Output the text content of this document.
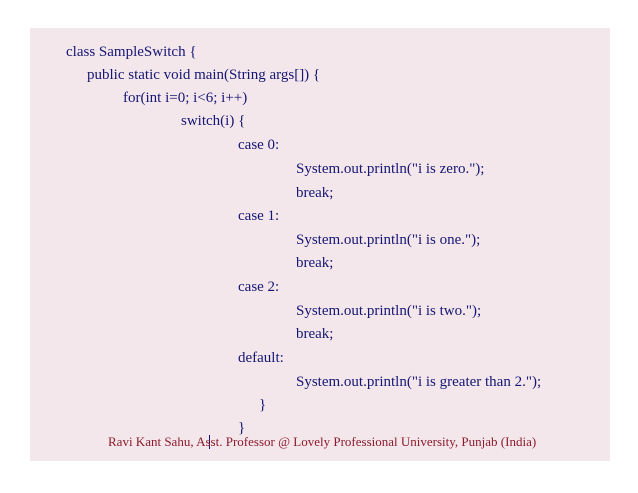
class SampleSwitch {
public static void main(String args[]) {
for(int i=0; i<6; i++)
switch(i) {
case 0:
System.out.println("i is zero.");
break;
case 1:
System.out.println("i is one.");
break;
case 2:
System.out.println("i is two.");
break;
default:
System.out.println("i is greater than 2.");
}
}
Ravi Kant Sahu, Asst. Professor @ Lovely Professional University, Punjab (India)
